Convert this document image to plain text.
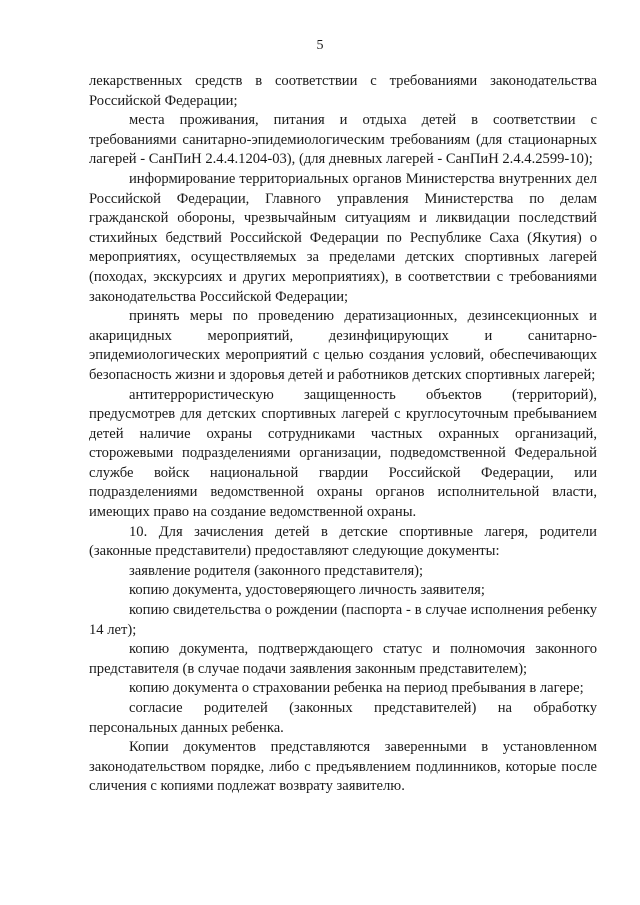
5

лекарственных средств в соответствии с требованиями законодательства Российской Федерации;

места проживания, питания и отдыха детей в соответствии с требованиями санитарно-эпидемиологическим требованиям (для стационарных лагерей - СанПиН 2.4.4.1204-03), (для дневных лагерей - СанПиН 2.4.4.2599-10);

информирование территориальных органов Министерства внутренних дел Российской Федерации, Главного управления Министерства по делам гражданской обороны, чрезвычайным ситуациям и ликвидации последствий стихийных бедствий Российской Федерации по Республике Саха (Якутия) о мероприятиях, осуществляемых за пределами детских спортивных лагерей (походах, экскурсиях и других мероприятиях), в соответствии с требованиями законодательства Российской Федерации;

принять меры по проведению дератизационных, дезинсекционных и акарицидных мероприятий, дезинфицирующих и санитарно-эпидемиологических мероприятий с целью создания условий, обеспечивающих безопасность жизни и здоровья детей и работников детских спортивных лагерей;

антитеррористическую защищенность объектов (территорий), предусмотрев для детских спортивных лагерей с круглосуточным пребыванием детей наличие охраны сотрудниками частных охранных организаций, сторожевыми подразделениями организации, подведомственной Федеральной службе войск национальной гвардии Российской Федерации, или подразделениями ведомственной охраны органов исполнительной власти, имеющих право на создание ведомственной охраны.

10. Для зачисления детей в детские спортивные лагеря, родители (законные представители) предоставляют следующие документы:

заявление родителя (законного представителя);

копию документа, удостоверяющего личность заявителя;

копию свидетельства о рождении (паспорта - в случае исполнения ребенку 14 лет);

копию документа, подтверждающего статус и полномочия законного представителя (в случае подачи заявления законным представителем);

копию документа о страховании ребенка на период пребывания в лагере;

согласие родителей (законных представителей) на обработку персональных данных ребенка.

Копии документов представляются заверенными в установленном законодательством порядке, либо с предъявлением подлинников, которые после сличения с копиями подлежат возврату заявителю.
